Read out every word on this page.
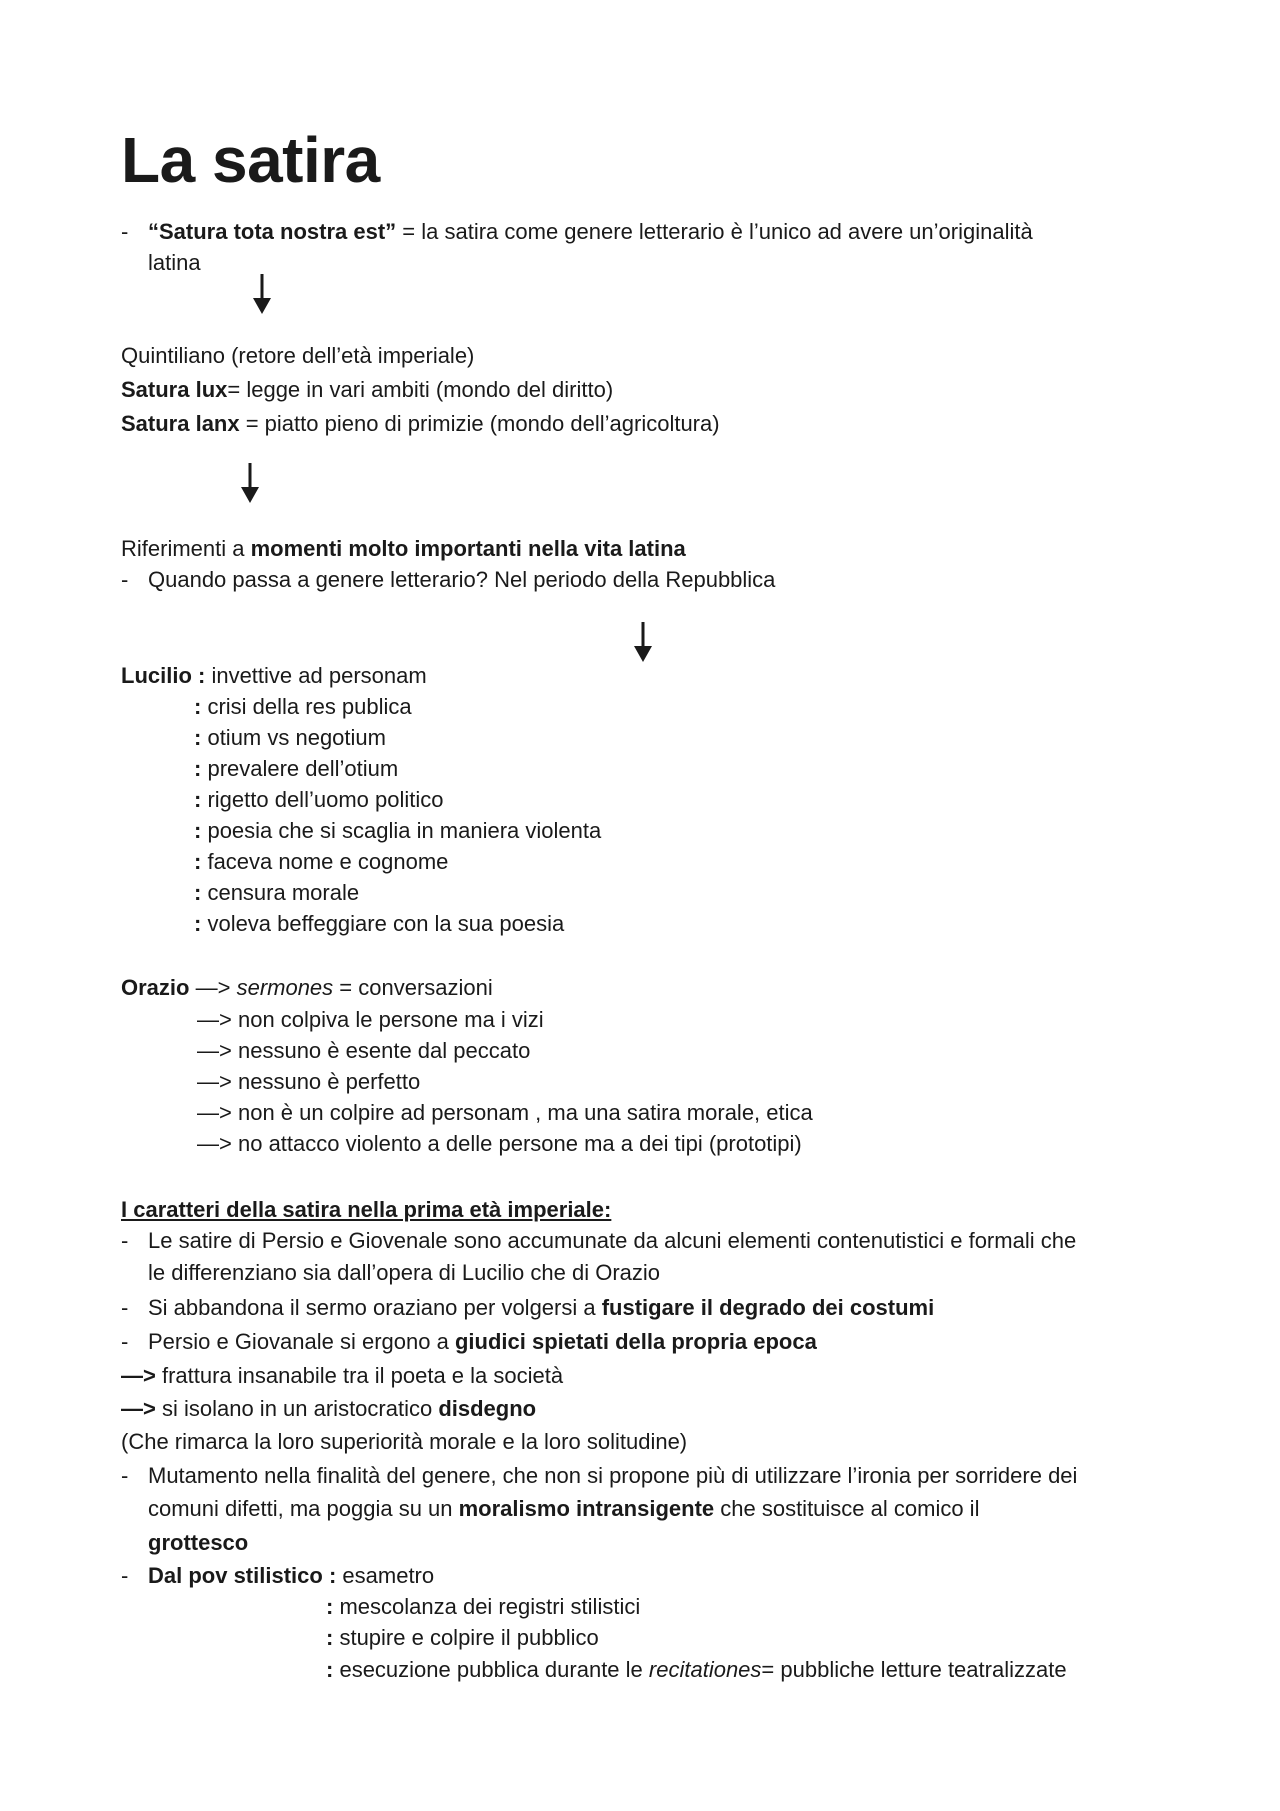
La satira
- “Satura tota nostra est” = la satira come genere letterario è l’unico ad avere un’originalità
latina
Quintiliano (retore dell’età imperiale)
Satura lux= legge in vari ambiti (mondo del diritto)
Satura lanx = piatto pieno di primizie (mondo dell’agricoltura)
Riferimenti a momenti molto importanti nella vita latina
- Quando passa a genere letterario? Nel periodo della Repubblica
Lucilio : invettive ad personam
: crisi della res publica
: otium vs negotium
: prevalere dell’otium
: rigetto dell’uomo politico
: poesia che si scaglia in maniera violenta
: faceva nome e cognome
: censura morale
: voleva beffeggiare con la sua poesia
Orazio —> sermones = conversazioni
—> non colpiva le persone ma i vizi
—> nessuno è esente dal peccato
—> nessuno è perfetto
—> non è un colpire ad personam , ma una satira morale, etica
—> no attacco violento a delle persone ma a dei tipi (prototipi)
I caratteri della satira nella prima età imperiale:
- Le satire di Persio e Giovenale sono accumunate da alcuni elementi contenutistici e formali che
le differenziano sia dall’opera di Lucilio che di Orazio
- Si abbandona il sermo oraziano per volgersi a fustigare il degrado dei costumi
- Persio e Giovanale si ergono a giudici spietati della propria epoca
—> frattura insanabile tra il poeta e la società
—> si isolano in un aristocratico disdegno
(Che rimarca la loro superiorità morale e la loro solitudine)
- Mutamento nella finalità del genere, che non si propone più di utilizzare l’ironia per sorridere dei
comuni difetti, ma poggia su un moralismo intransigente che sostituisce al comico il
grottesco
- Dal pov stilistico : esametro
: mescolanza dei registri stilistici
: stupire e colpire il pubblico
: esecuzione pubblica durante le recitationes= pubbliche letture teatralizzate
